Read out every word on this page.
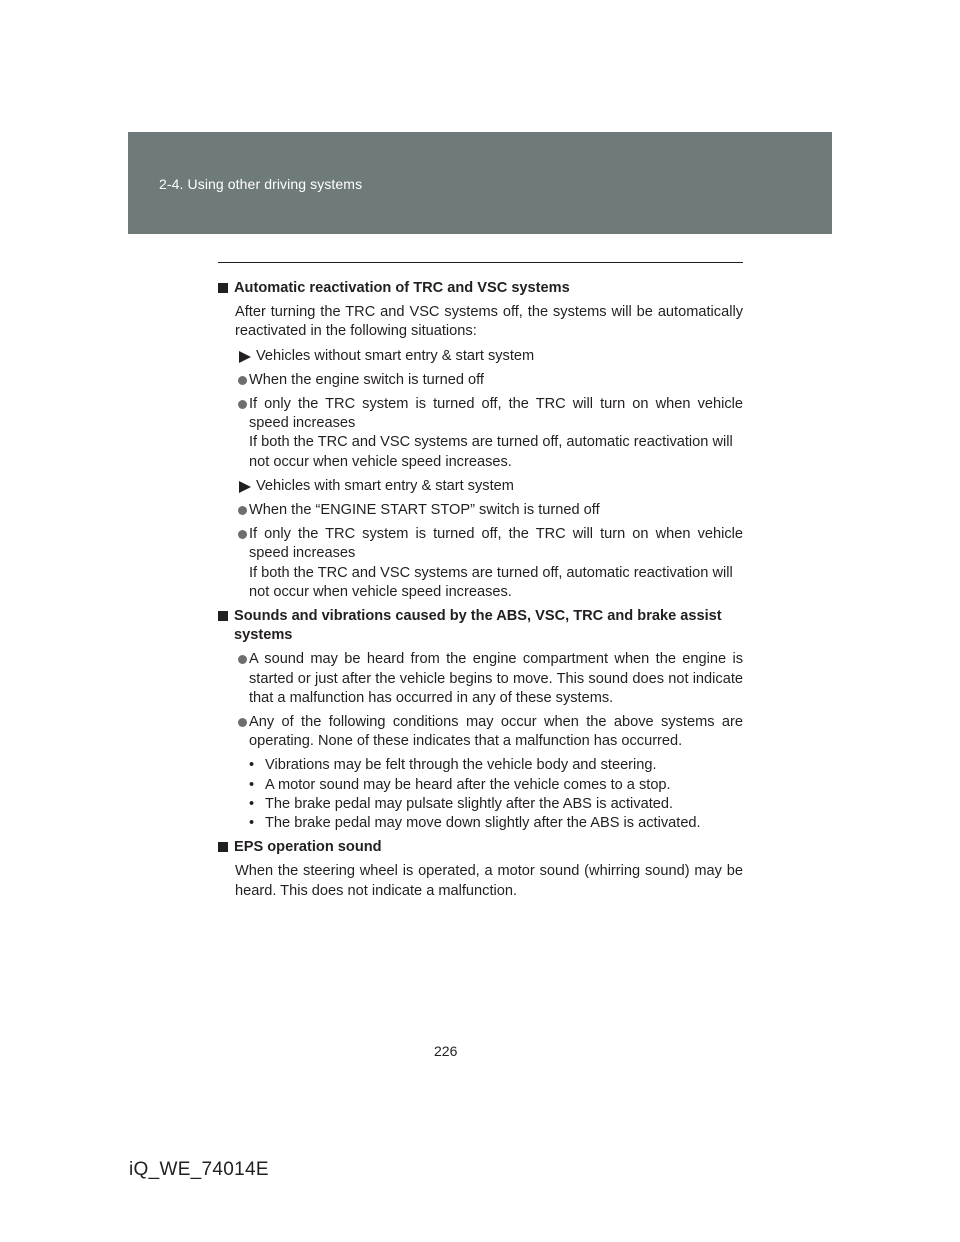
2-4. Using other driving systems
Automatic reactivation of TRC and VSC systems
After turning the TRC and VSC systems off, the systems will be automatically reactivated in the following situations:
Vehicles without smart entry & start system
When the engine switch is turned off
If only the TRC system is turned off, the TRC will turn on when vehicle speed increases
If both the TRC and VSC systems are turned off, automatic reactivation will not occur when vehicle speed increases.
Vehicles with smart entry & start system
When the “ENGINE START STOP” switch is turned off
If only the TRC system is turned off, the TRC will turn on when vehicle speed increases
If both the TRC and VSC systems are turned off, automatic reactivation will not occur when vehicle speed increases.
Sounds and vibrations caused by the ABS, VSC, TRC and brake assist systems
A sound may be heard from the engine compartment when the engine is started or just after the vehicle begins to move. This sound does not indicate that a malfunction has occurred in any of these systems.
Any of the following conditions may occur when the above systems are operating. None of these indicates that a malfunction has occurred.
• Vibrations may be felt through the vehicle body and steering.
• A motor sound may be heard after the vehicle comes to a stop.
• The brake pedal may pulsate slightly after the ABS is activated.
• The brake pedal may move down slightly after the ABS is activated.
EPS operation sound
When the steering wheel is operated, a motor sound (whirring sound) may be heard. This does not indicate a malfunction.
226
iQ_WE_74014E
